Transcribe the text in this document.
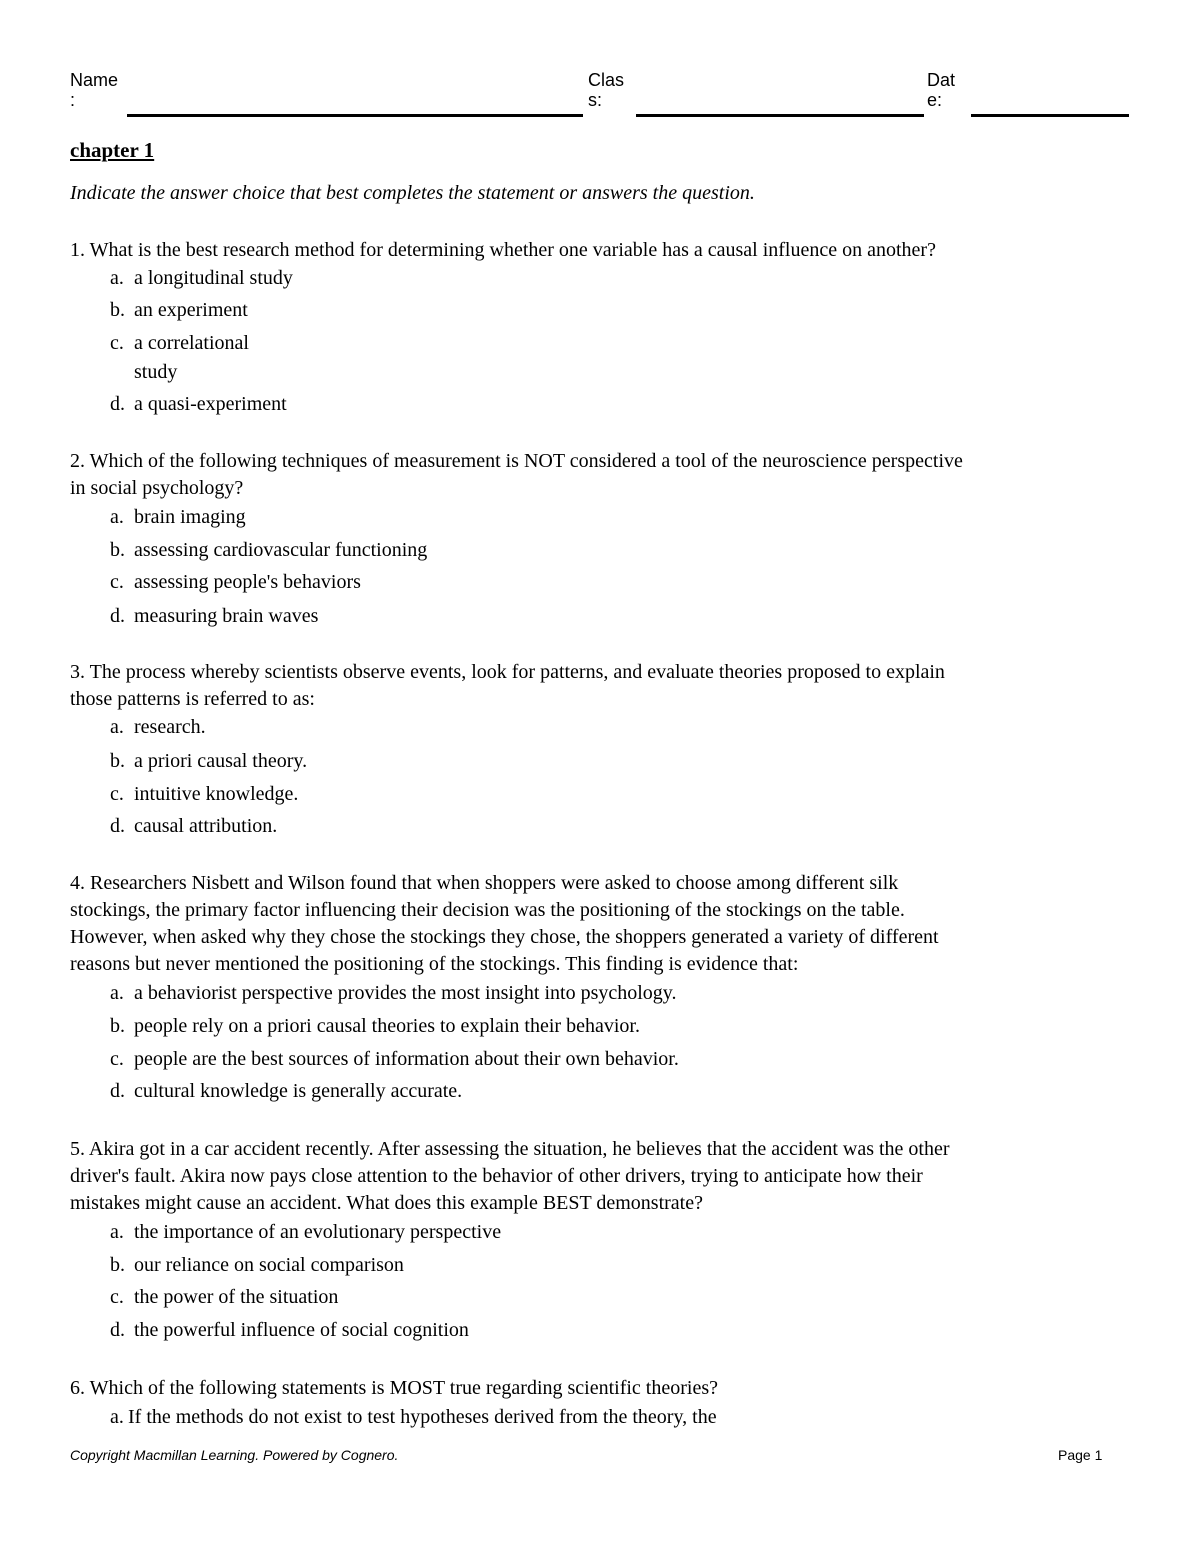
Name
:
Clas
s:
Dat
e:
chapter 1
Indicate the answer choice that best completes the statement or answers the question.
1. What is the best research method for determining whether one variable has a causal influence on another?
a. a longitudinal study
b. an experiment
c. a correlational
study
d. a quasi-experiment
2. Which of the following techniques of measurement is NOT considered a tool of the neuroscience perspective
in social psychology?
a. brain imaging
b. assessing cardiovascular functioning
c. assessing people's behaviors
d. measuring brain waves
3. The process whereby scientists observe events, look for patterns, and evaluate theories proposed to explain
those patterns is referred to as:
a. research.
b. a priori causal theory.
c. intuitive knowledge.
d. causal attribution.
4. Researchers Nisbett and Wilson found that when shoppers were asked to choose among different silk
stockings, the primary factor influencing their decision was the positioning of the stockings on the table.
However, when asked why they chose the stockings they chose, the shoppers generated a variety of different
reasons but never mentioned the positioning of the stockings. This finding is evidence that:
a. a behaviorist perspective provides the most insight into psychology.
b. people rely on a priori causal theories to explain their behavior.
c. people are the best sources of information about their own behavior.
d. cultural knowledge is generally accurate.
5. Akira got in a car accident recently. After assessing the situation, he believes that the accident was the other
driver's fault. Akira now pays close attention to the behavior of other drivers, trying to anticipate how their
mistakes might cause an accident. What does this example BEST demonstrate?
a. the importance of an evolutionary perspective
b. our reliance on social comparison
c. the power of the situation
d. the powerful influence of social cognition
6. Which of the following statements is MOST true regarding scientific theories?
a. If the methods do not exist to test hypotheses derived from the theory, the
Copyright Macmillan Learning. Powered by Cognero.	Page 1
